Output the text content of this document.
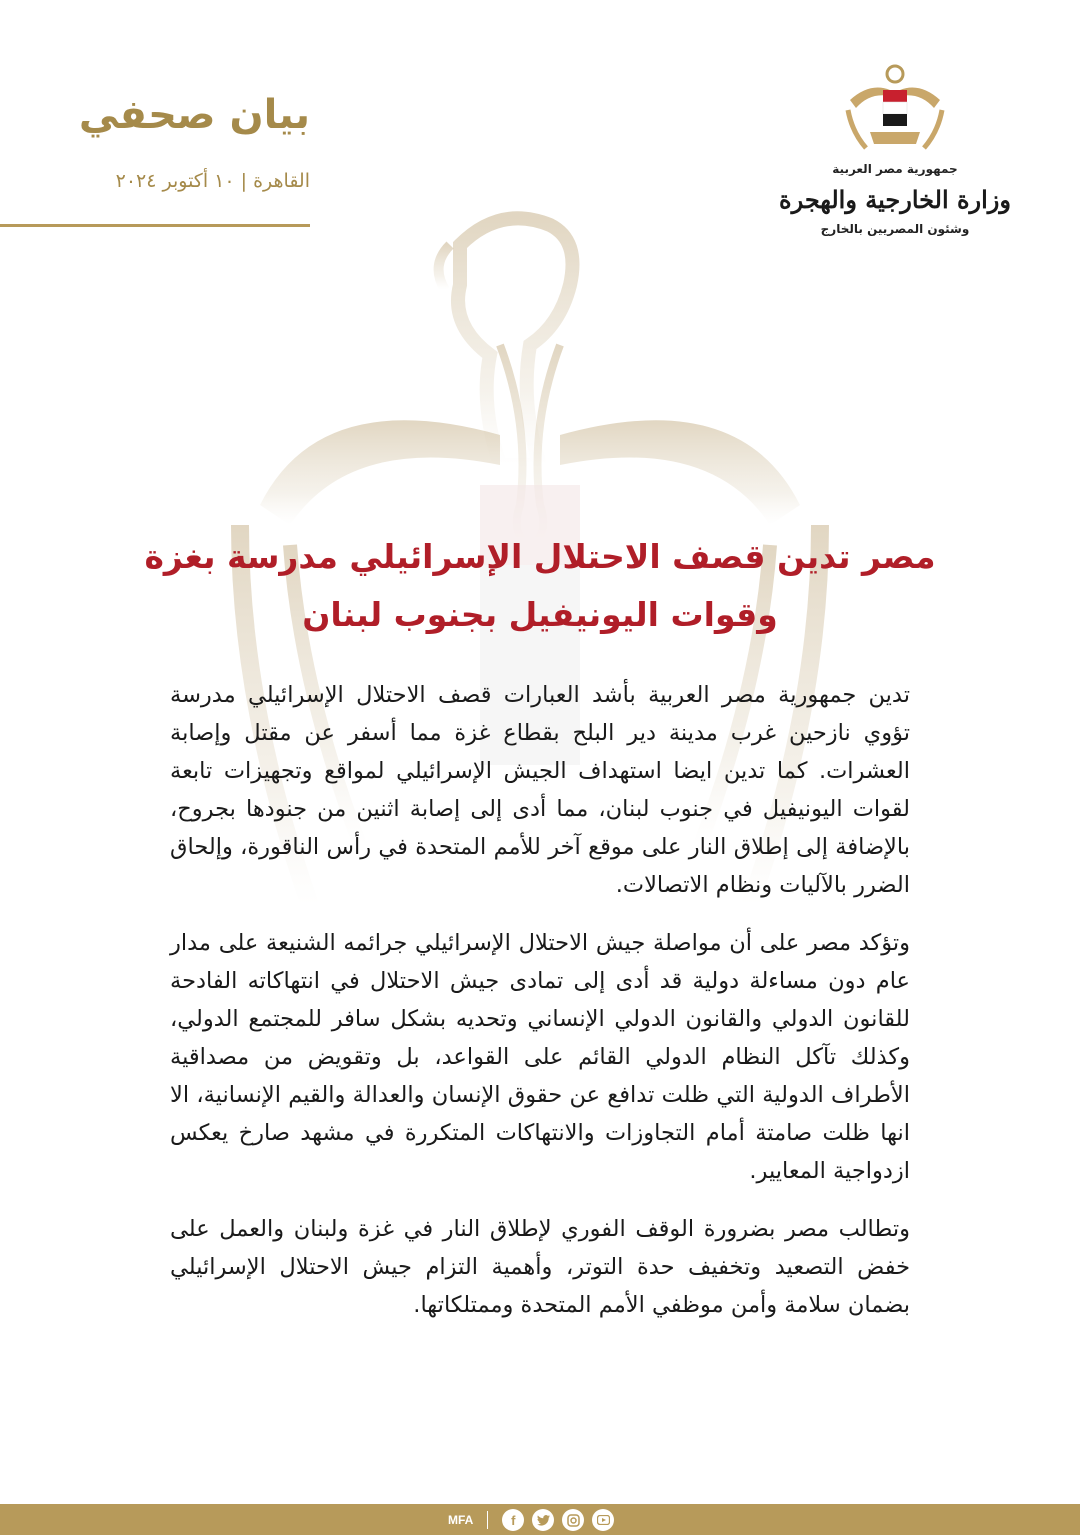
بيان صحفي
القاهرة | ١٠ أكتوبر ٢٠٢٤
جمهورية مصر العربية
وزارة الخارجية والهجرة
وشئون المصريين بالخارج
مصر تدين قصف الاحتلال الإسرائيلي مدرسة بغزة وقوات اليونيفيل بجنوب لبنان

تدين جمهورية مصر العربية بأشد العبارات قصف الاحتلال الإسرائيلي مدرسة تؤوي نازحين غرب مدينة دير البلح بقطاع غزة مما أسفر عن مقتل وإصابة العشرات. كما تدين ايضا استهداف الجيش الإسرائيلي لمواقع وتجهيزات تابعة لقوات اليونيفيل في جنوب لبنان، مما أدى إلى إصابة اثنين من جنودها بجروح، بالإضافة إلى إطلاق النار على موقع آخر للأمم المتحدة في رأس الناقورة، وإلحاق الضرر بالآليات ونظام الاتصالات.

وتؤكد مصر على أن مواصلة جيش الاحتلال الإسرائيلي جرائمه الشنيعة على مدار عام دون مساءلة دولية قد أدى إلى تمادى جيش الاحتلال في انتهاكاته الفادحة للقانون الدولي والقانون الدولي الإنساني وتحديه بشكل سافر للمجتمع الدولي، وكذلك تآكل النظام الدولي القائم على القواعد، بل وتقويض من مصداقية الأطراف الدولية التي ظلت تدافع عن حقوق الإنسان والعدالة والقيم الإنسانية، الا انها ظلت صامتة أمام التجاوزات والانتهاكات المتكررة في مشهد صارخ يعكس ازدواجية المعايير.

وتطالب مصر بضرورة الوقف الفوري لإطلاق النار في غزة ولبنان والعمل على خفض التصعيد وتخفيف حدة التوتر، وأهمية التزام جيش الاحتلال الإسرائيلي بضمان سلامة وأمن موظفي الأمم المتحدة وممتلكاتها.

MFA	f
